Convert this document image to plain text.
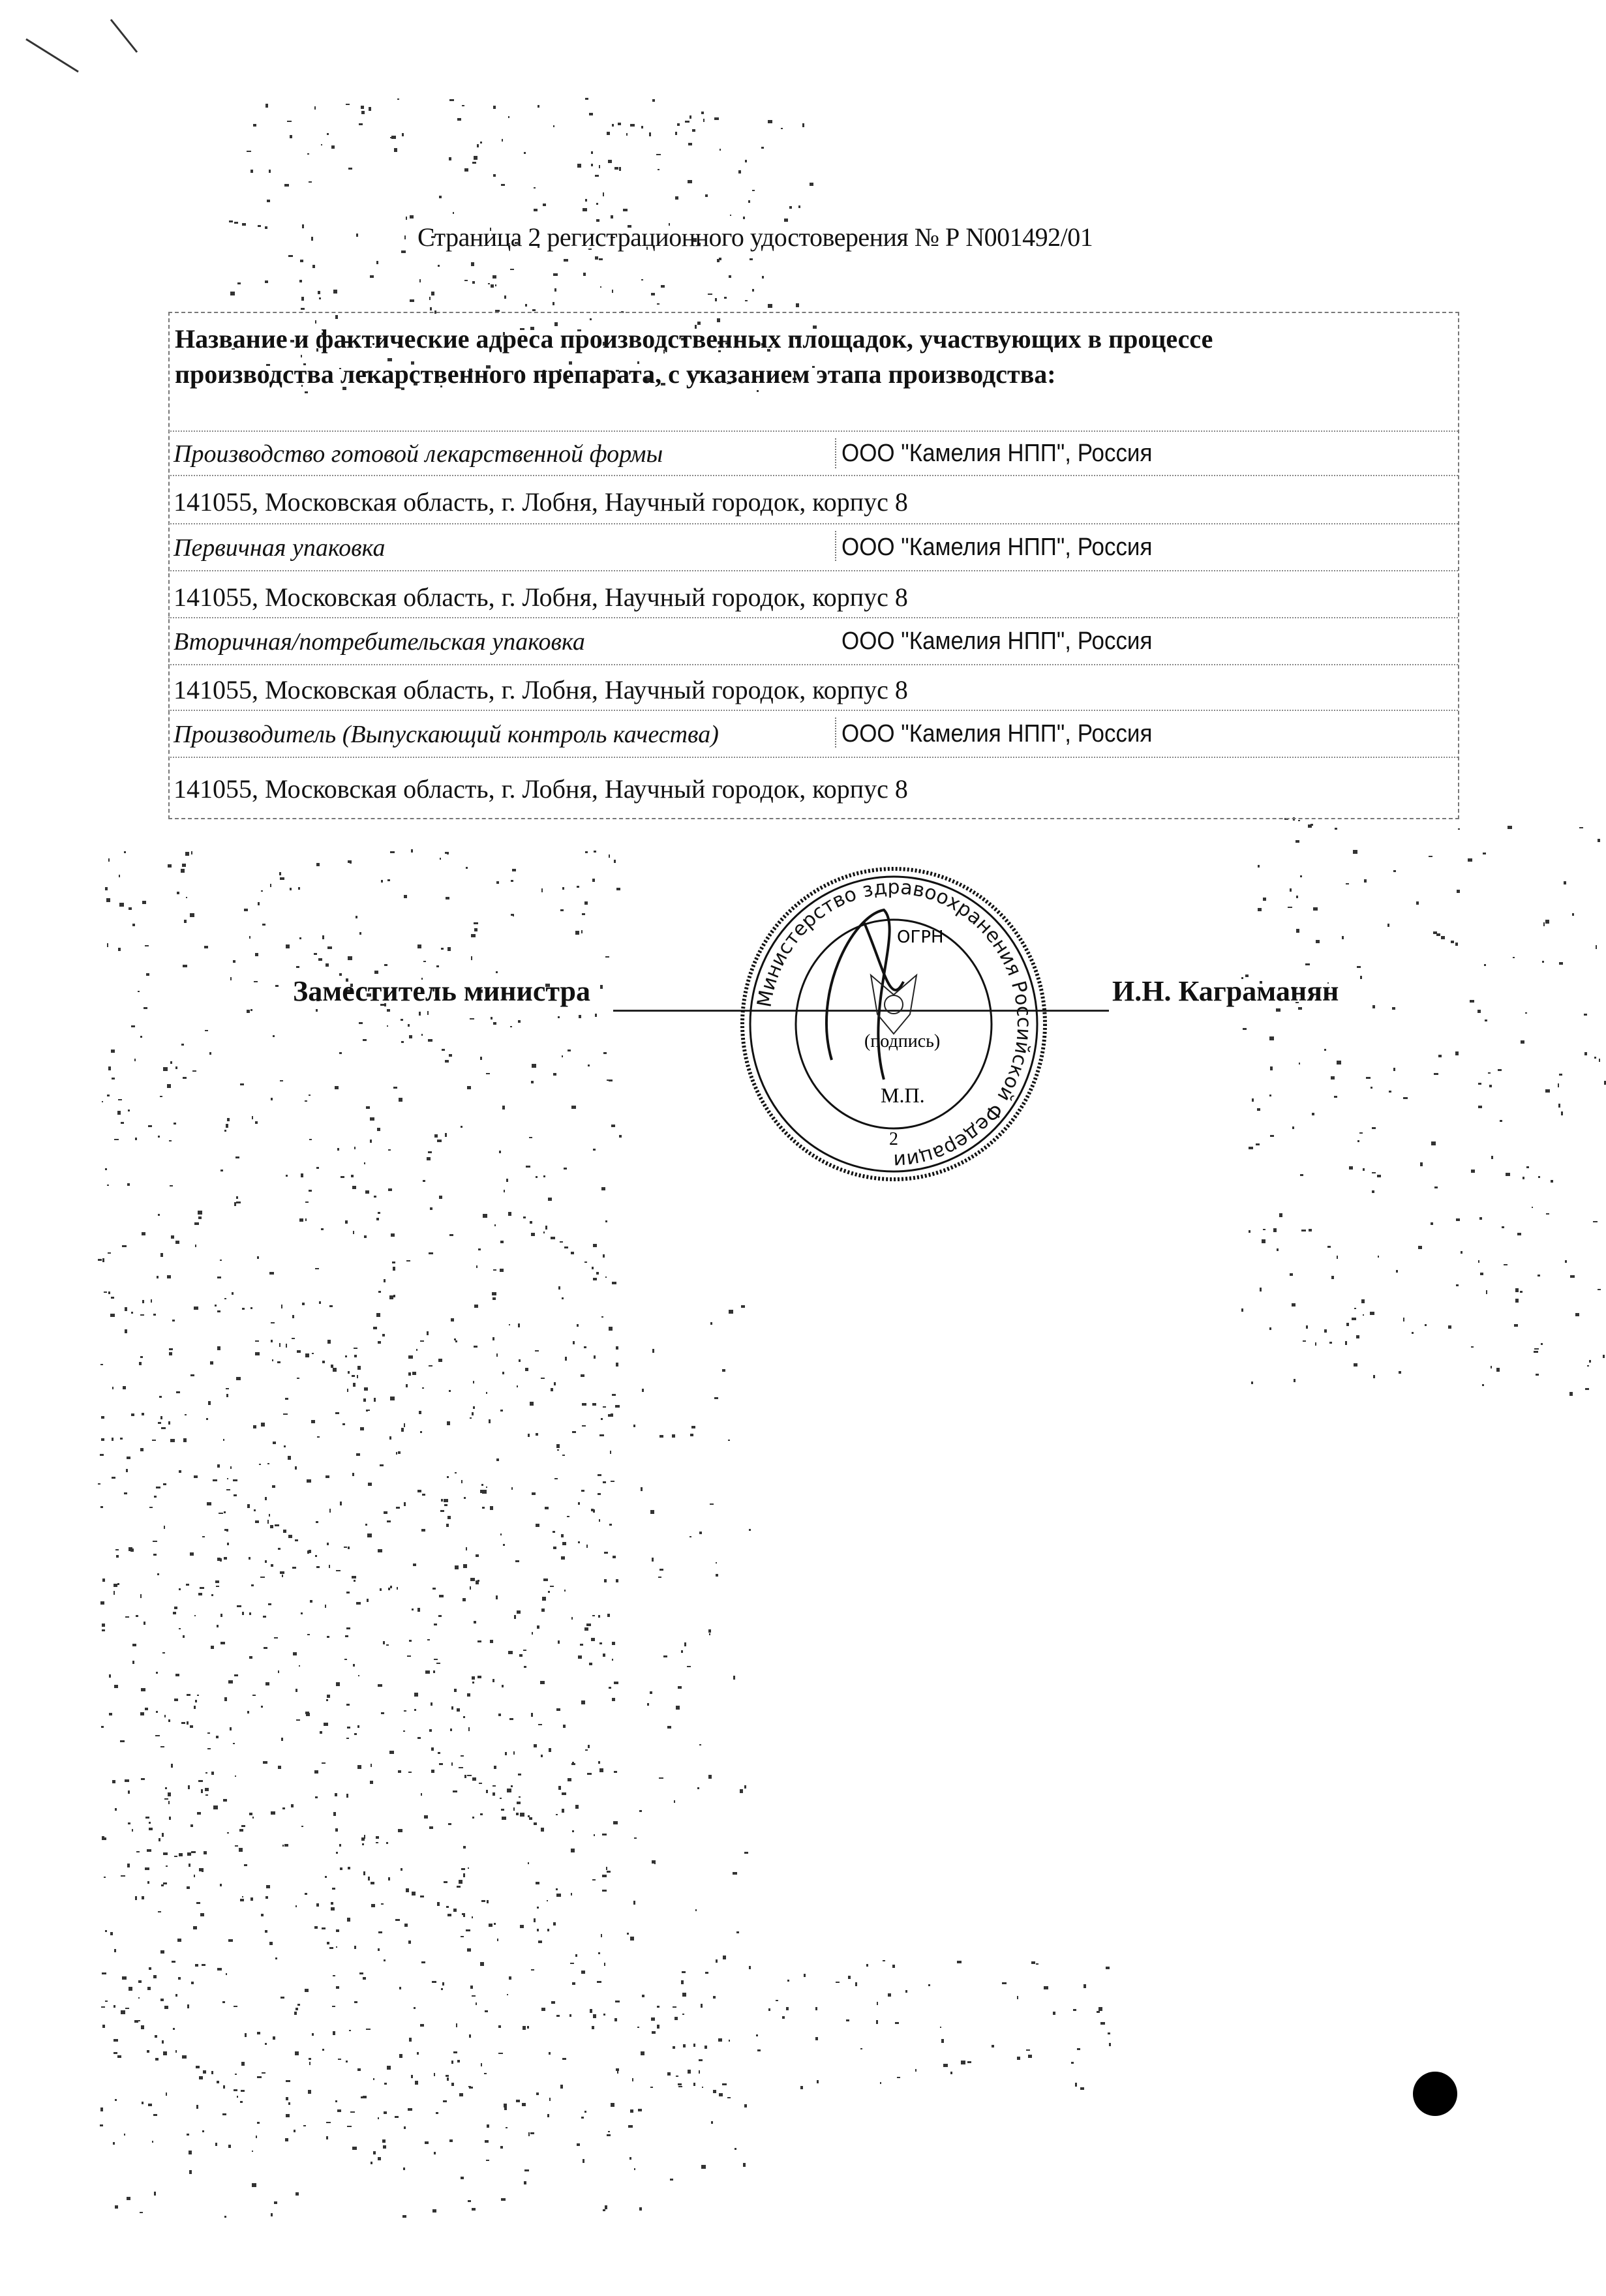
Страница 2 регистрационного удостоверения № Р N001492/01
Название и фактические адреса производственных площадок, участвующих в процессе
производства лекарственного препарата, с указанием этапа производства:
Производство готовой лекарственной формы	ООО "Камелия НПП", Россия
141055, Московская область, г. Лобня, Научный городок, корпус 8
Первичная упаковка	ООО "Камелия НПП", Россия
141055, Московская область, г. Лобня, Научный городок, корпус 8
Вторичная/потребительская упаковка	ООО "Камелия НПП", Россия
141055, Московская область, г. Лобня, Научный городок, корпус 8
Производитель (Выпускающий контроль качества)	ООО "Камелия НПП", Россия
141055, Московская область, г. Лобня, Научный городок, корпус 8
Заместитель министра	И.Н. Каграманян
Министерство здравоохранения Российской Федерации
ОГРН
(подпись)
М.П.
2
